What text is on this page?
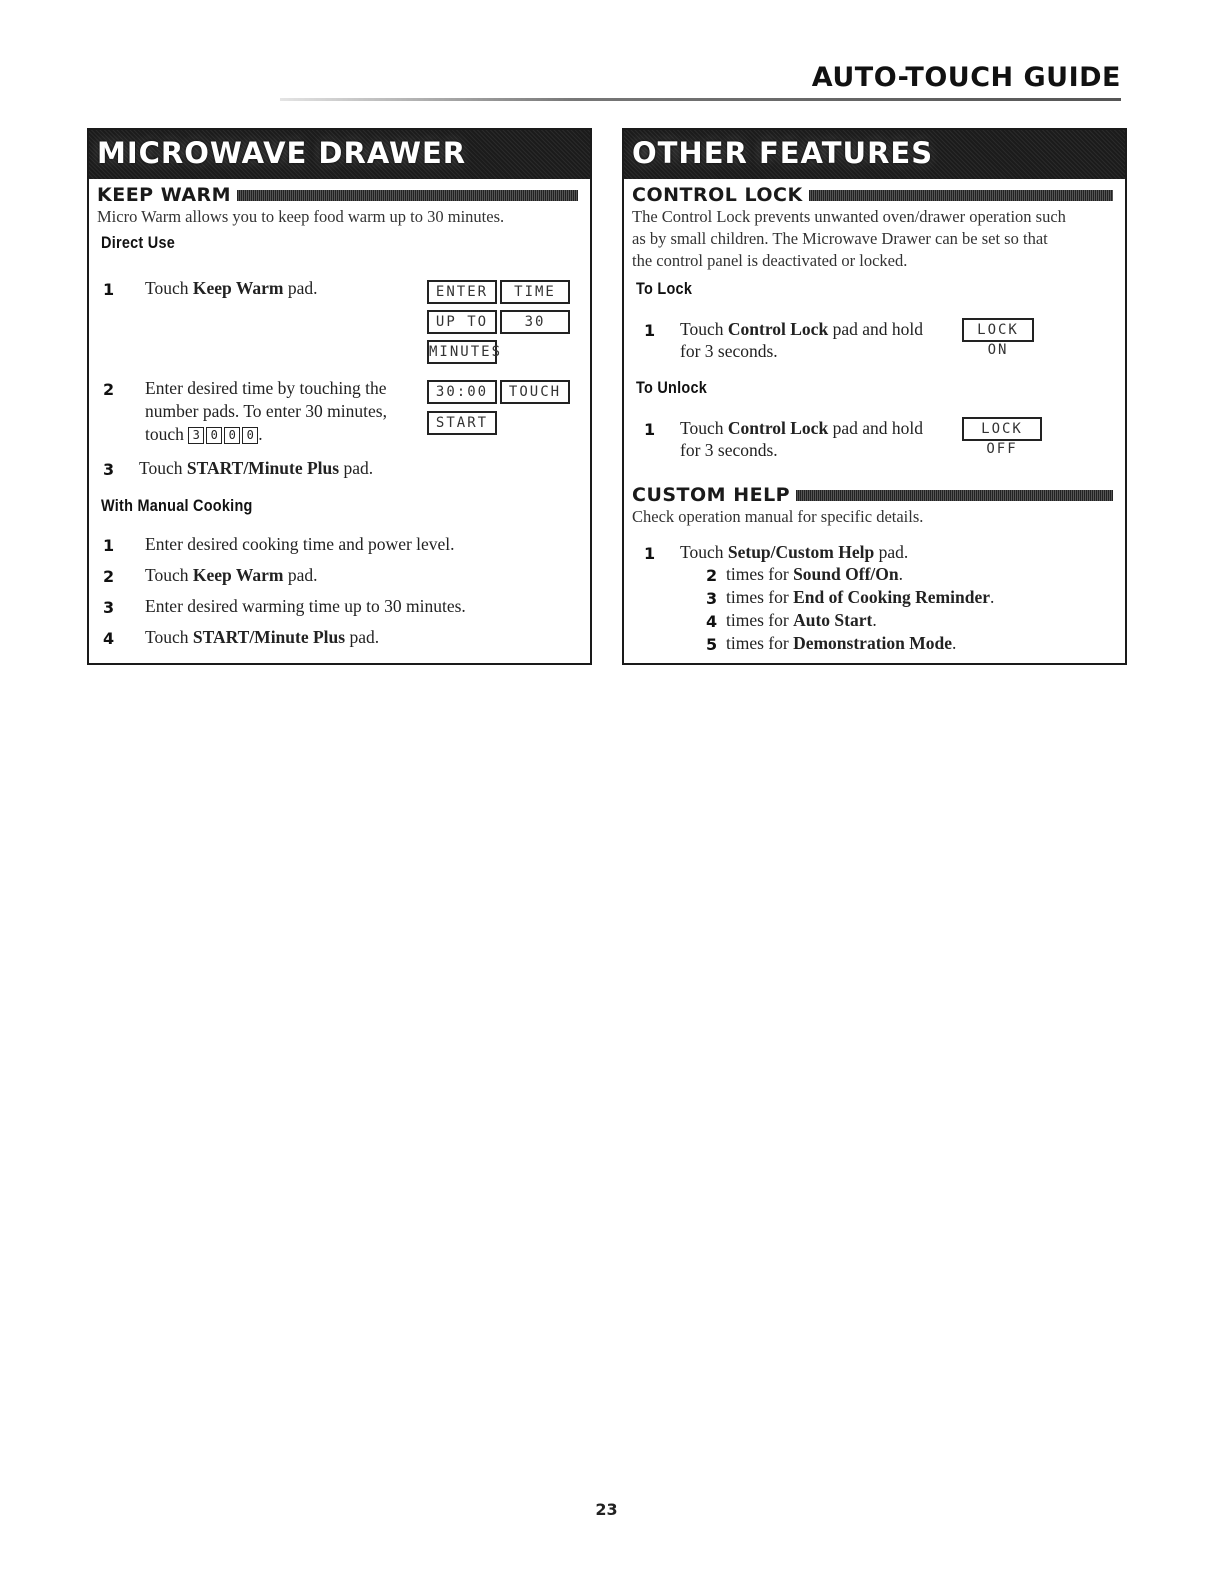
AUTO-TOUCH GUIDE
MICROWAVE DRAWER
KEEP WARM
Micro Warm allows you to keep food warm up to 30 minutes.
Direct Use
1 Touch Keep Warm pad.	ENTER	TIME
UP TO	30
MINUTES
2 Enter desired time by touching the
number pads. To enter 30 minutes,
touch 3 0 0 0 .
30:00	TOUCH
START
3 Touch START/Minute Plus pad.
With Manual Cooking
1 Enter desired cooking time and power level.
2 Touch Keep Warm pad.
3 Enter desired warming time up to 30 minutes.
4 Touch START/Minute Plus pad.
OTHER FEATURES
CONTROL LOCK
The Control Lock prevents unwanted oven/drawer operation such
as by small children. The Microwave Drawer can be set so that
the control panel is deactivated or locked.
To Lock
1 Touch Control Lock pad and hold
for 3 seconds.
LOCK ON
To Unlock
1 Touch Control Lock pad and hold
for 3 seconds.
LOCK OFF
CUSTOM HELP
Check operation manual for specific details.
1 Touch Setup/Custom Help pad.
2 times for Sound Off/On.
3 times for End of Cooking Reminder.
4 times for Auto Start.
5 times for Demonstration Mode.
23
